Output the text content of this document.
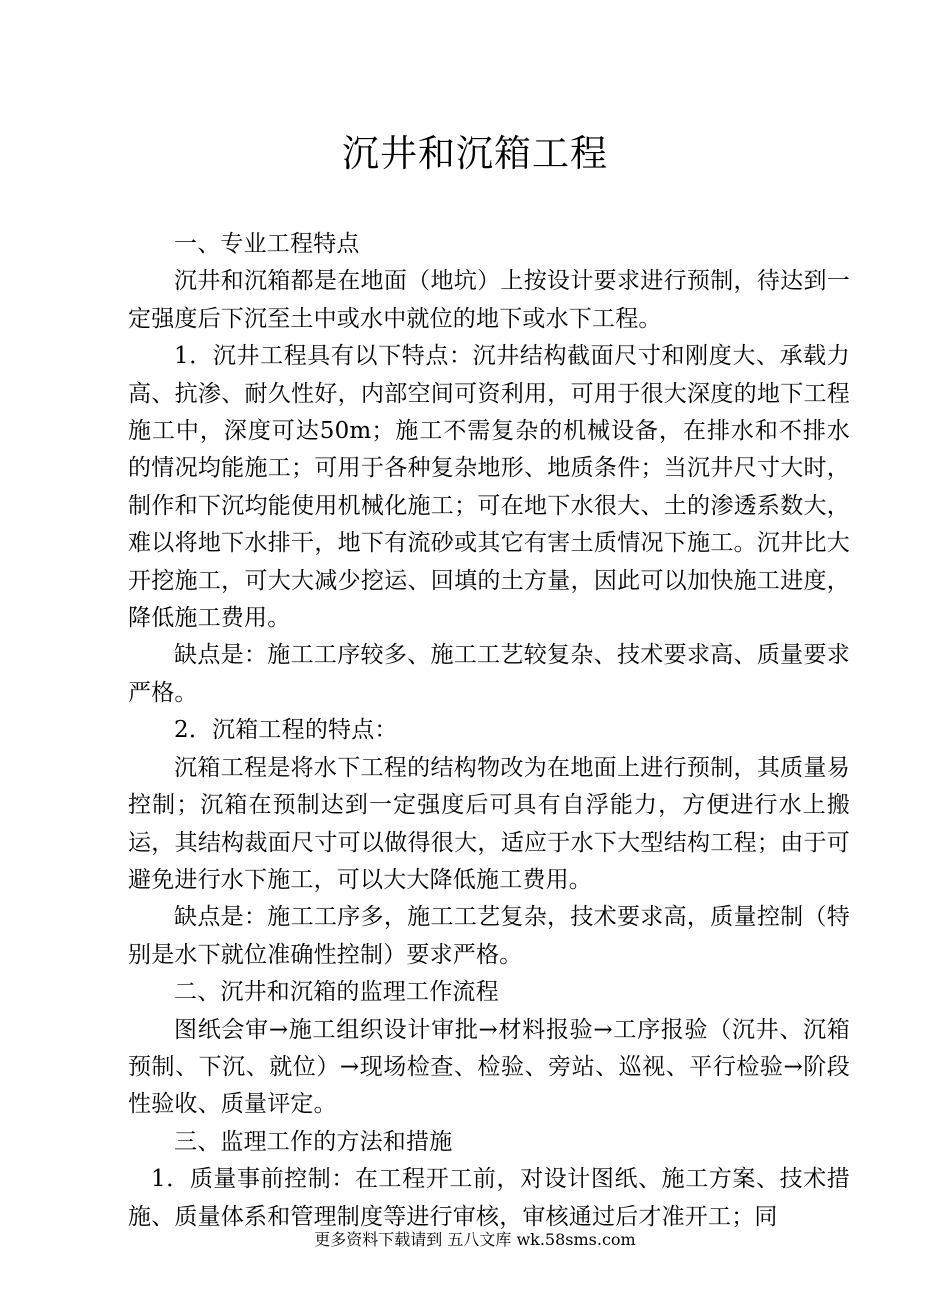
沉井和沉箱工程

一、专业工程特点

沉井和沉箱都是在地面（地坑）上按设计要求进行预制，待达到一定强度后下沉至土中或水中就位的地下或水下工程。

1．沉井工程具有以下特点：沉井结构截面尺寸和刚度大、承载力高、抗渗、耐久性好，内部空间可资利用，可用于很大深度的地下工程施工中，深度可达50m；施工不需复杂的机械设备，在排水和不排水的情况均能施工；可用于各种复杂地形、地质条件；当沉井尺寸大时，制作和下沉均能使用机械化施工；可在地下水很大、土的渗透系数大，难以将地下水排干，地下有流砂或其它有害土质情况下施工。沉井比大开挖施工，可大大减少挖运、回填的土方量，因此可以加快施工进度，降低施工费用。

缺点是：施工工序较多、施工工艺较复杂、技术要求高、质量要求严格。

2．沉箱工程的特点：

沉箱工程是将水下工程的结构物改为在地面上进行预制，其质量易控制；沉箱在预制达到一定强度后可具有自浮能力，方便进行水上搬运，其结构裁面尺寸可以做得很大，适应于水下大型结构工程；由于可避免进行水下施工，可以大大降低施工费用。

缺点是：施工工序多，施工工艺复杂，技术要求高，质量控制（特别是水下就位准确性控制）要求严格。

二、沉井和沉箱的监理工作流程

图纸会审→施工组织设计审批→材料报验→工序报验（沉井、沉箱预制、下沉、就位）→现场检查、检验、旁站、巡视、平行检验→阶段性验收、质量评定。

三、监理工作的方法和措施

1．质量事前控制：在工程开工前，对设计图纸、施工方案、技术措施、质量体系和管理制度等进行审核，审核通过后才准开工；同

更多资料下载请到 五八文库 wk.58sms.com
